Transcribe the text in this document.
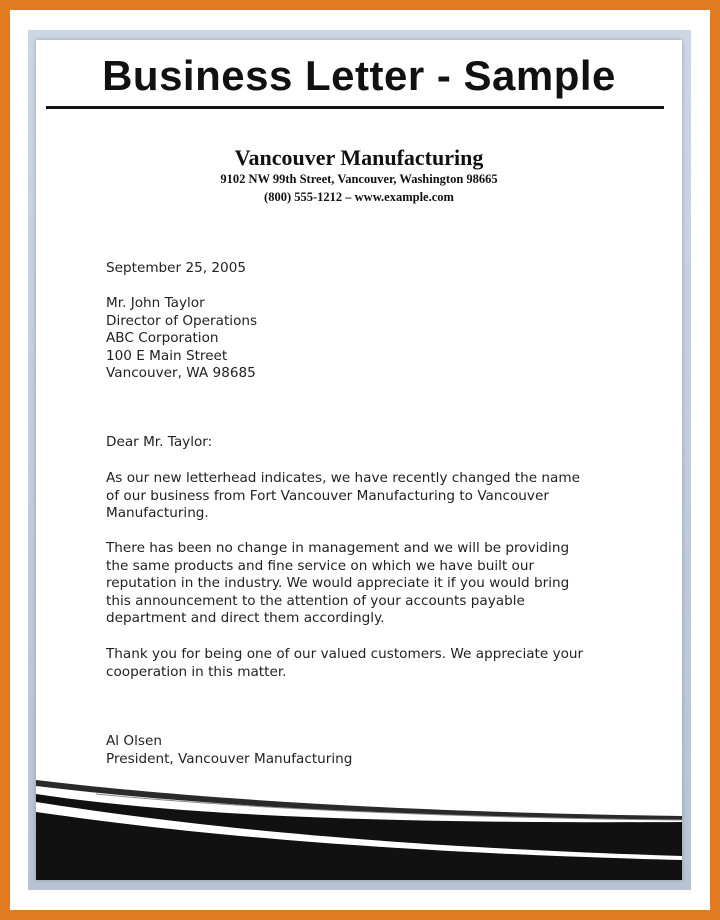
Business Letter - Sample
Vancouver Manufacturing
9102 NW 99th Street, Vancouver, Washington 98665
(800) 555-1212 – www.example.com
September 25, 2005
Mr. John Taylor
Director of Operations
ABC Corporation
100 E Main Street
Vancouver, WA 98685
Dear Mr. Taylor:
As our new letterhead indicates, we have recently changed the name
of our business from Fort Vancouver Manufacturing to Vancouver
Manufacturing.
There has been no change in management and we will be providing
the same products and fine service on which we have built our
reputation in the industry. We would appreciate it if you would bring
this announcement to the attention of your accounts payable
department and direct them accordingly.
Thank you for being one of our valued customers. We appreciate your
cooperation in this matter.
Al Olsen
President, Vancouver Manufacturing
